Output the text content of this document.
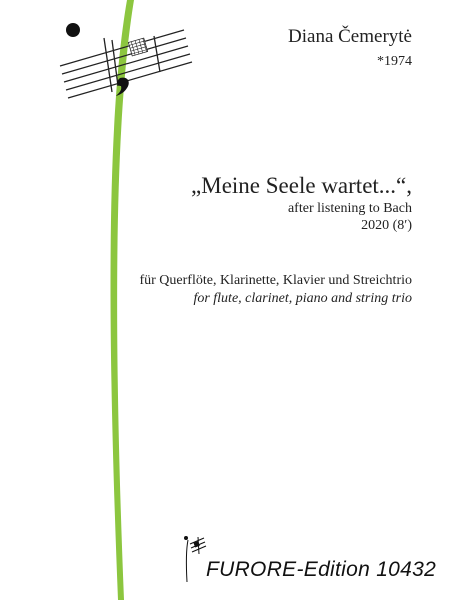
Diana Čemerytė
*1974
„Meine Seele wartet...“,
after listening to Bach
2020 (8′)
für Querflöte, Klarinette, Klavier und Streichtrio
for flute, clarinet, piano and string trio
FURORE-Edition 10432
